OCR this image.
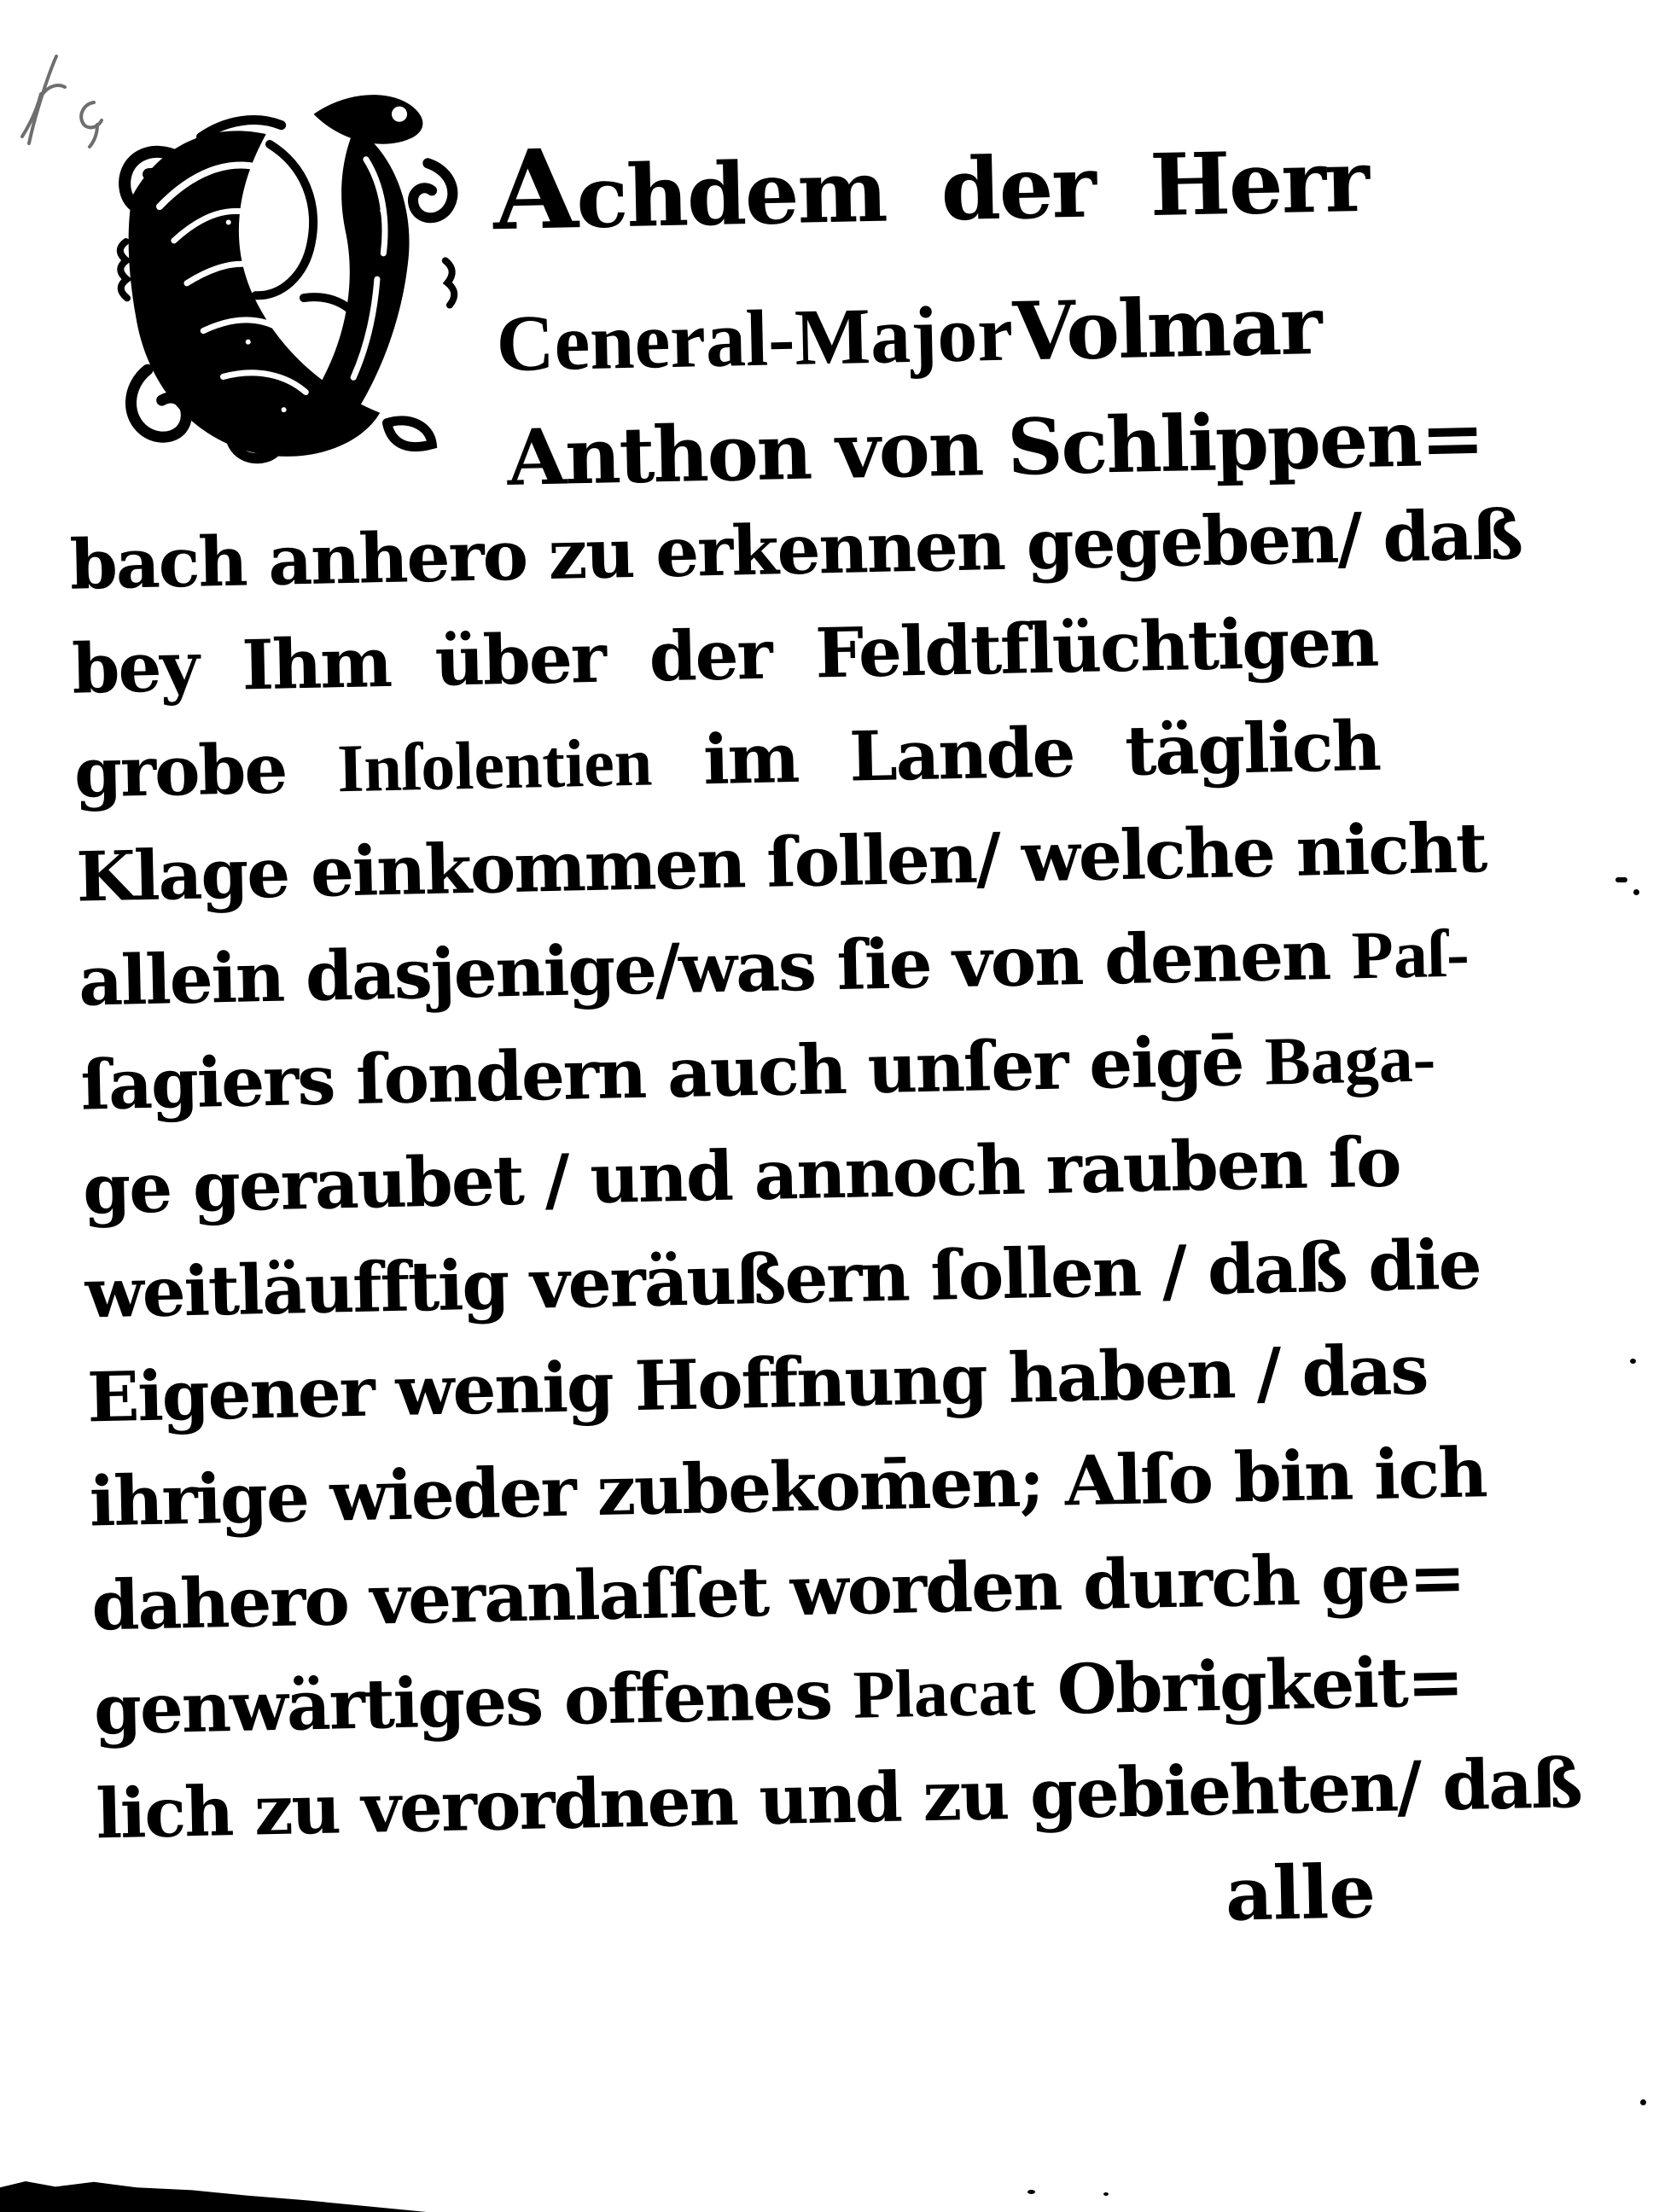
Achdem der Herr
Ceneral-MajorVolmar
Anthon von Schlippen=
bach anhero zu erkennen gegeben/ daß
bey Ihm über der Feldtflüchtigen
grobe Inſolentien im Lande täglich
Klage einkommen ſollen/ welche nicht
allein dasjenige/was ſie von denen Paſ-
ſagiers ſondern auch unſer eigē Baga-
ge geraubet / und annoch rauben ſo
weitläufftig veräußern ſollen / daß die
Eigener wenig Hoffnung haben / das
ihrige wieder zubekom̄en; Alſo bin ich
dahero veranlaſſet worden durch ge=
genwärtiges offenes Placat Obrigkeit=
lich zu verordnen und zu gebiehten/ daß
alle
